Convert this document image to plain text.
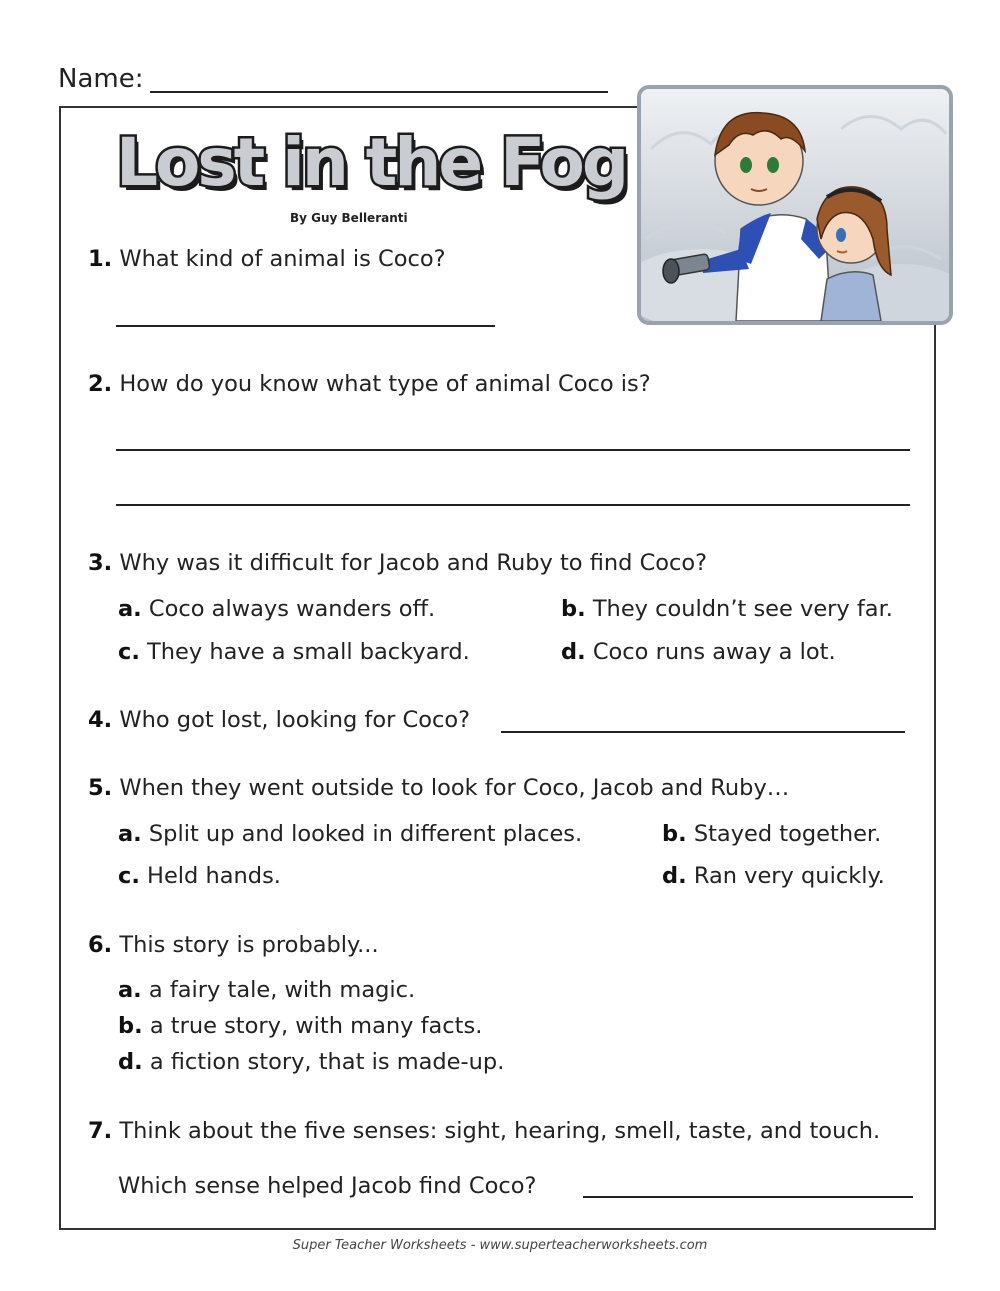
Name:
Lost in the Fog
By Guy Belleranti
1. What kind of animal is Coco?
2. How do you know what type of animal Coco is?
3. Why was it difficult for Jacob and Ruby to find Coco?
a. Coco always wanders off.	b. They couldn’t see very far.
c. They have a small backyard.	d. Coco runs away a lot.
4. Who got lost, looking for Coco?
5. When they went outside to look for Coco, Jacob and Ruby…
a. Split up and looked in different places.	b. Stayed together.
c. Held hands.	d. Ran very quickly.
6. This story is probably...
a. a fairy tale, with magic.
b. a true story, with many facts.
d. a fiction story, that is made-up.
7. Think about the five senses: sight, hearing, smell, taste, and touch.
Which sense helped Jacob find Coco?
Super Teacher Worksheets - www.superteacherworksheets.com
